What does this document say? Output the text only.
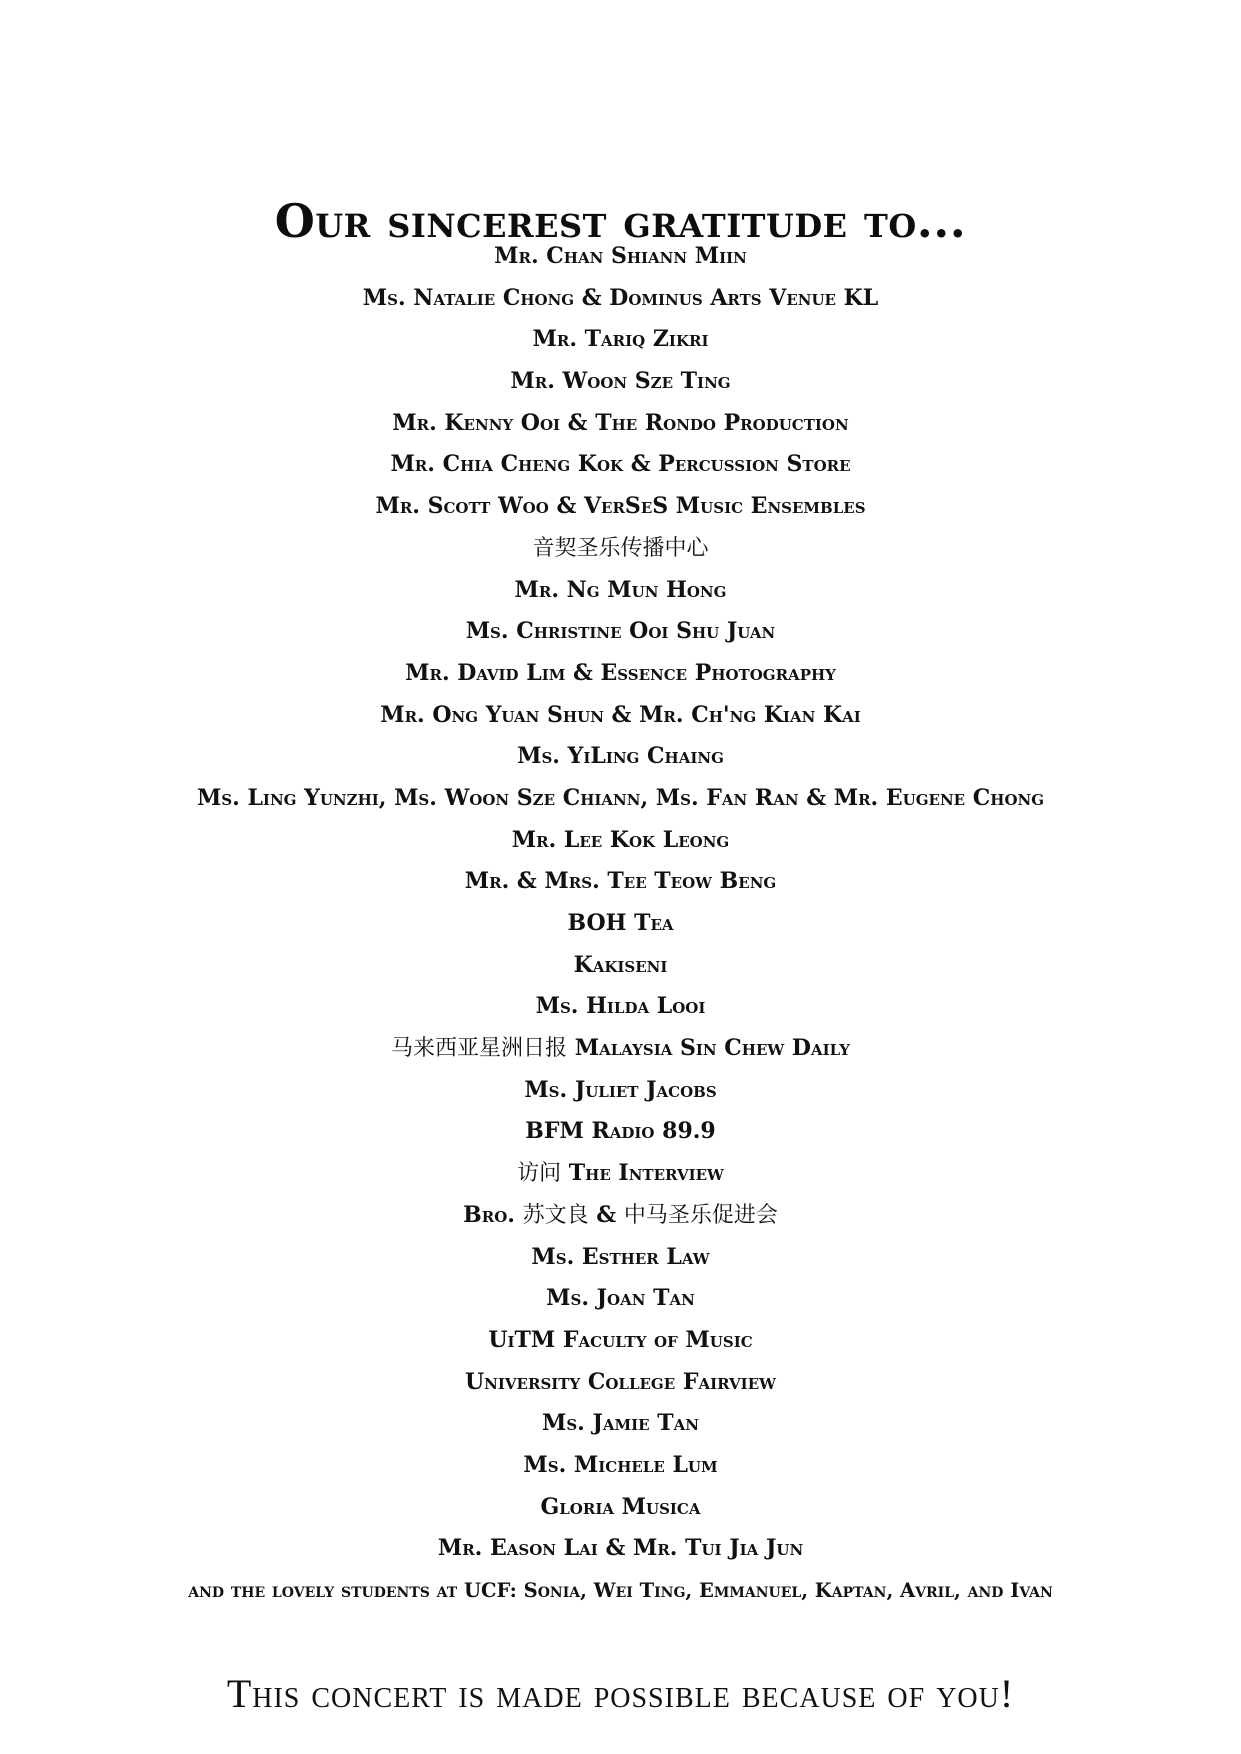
Our sincerest gratitude to...
Mr. Chan Shiann Miin
Ms. Natalie Chong & Dominus Arts Venue KL
Mr. Tariq Zikri
Mr. Woon Sze Ting
Mr. Kenny Ooi & The Rondo Production
Mr. Chia Cheng Kok & Percussion Store
Mr. Scott Woo & VerSeS Music Ensembles
音契圣乐传播中心
Mr. Ng Mun Hong
Ms. Christine Ooi Shu Juan
Mr. David Lim & Essence Photography
Mr. Ong Yuan Shun & Mr. Ch'ng Kian Kai
Ms. YiLing Chaing
Ms. Ling Yunzhi, Ms. Woon Sze Chiann, Ms. Fan Ran & Mr. Eugene Chong
Mr. Lee Kok Leong
Mr. & Mrs. Tee Teow Beng
BOH Tea
Kakiseni
Ms. Hilda Looi
马来西亚星洲日报 Malaysia Sin Chew Daily
Ms. Juliet Jacobs
BFM Radio 89.9
访问 The Interview
Bro. 苏文良 & 中马圣乐促进会
Ms. Esther Law
Ms. Joan Tan
UiTM Faculty of Music
University College Fairview
Ms. Jamie Tan
Ms. Michele Lum
Gloria Musica
Mr. Eason Lai & Mr. Tui Jia Jun
and the lovely students at UCF: Sonia, Wei Ting, Emmanuel, Kaptan, Avril, and Ivan

This concert is made possible because of you!
